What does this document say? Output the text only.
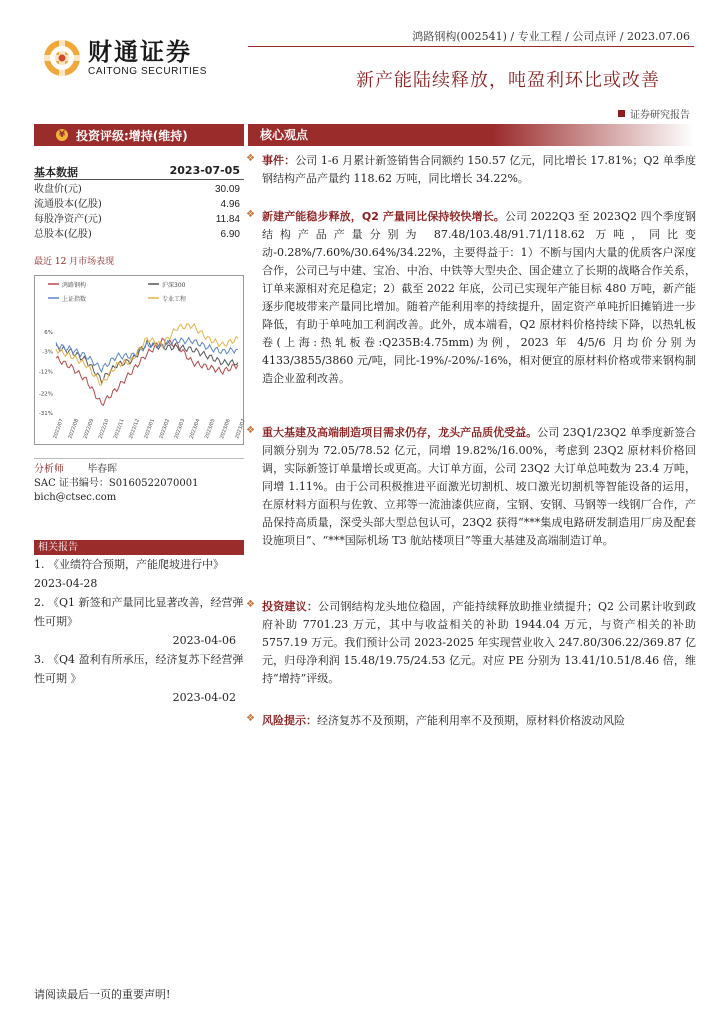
财通证券
CAITONG SECURITIES
鸿路钢构(002541) / 专业工程 / 公司点评 / 2023.07.06
新产能陆续释放，吨盈利环比或改善
证券研究报告
¥ 投资评级:增持(维持)
基本数据	2023-07-05
收盘价(元)	30.09
流通股本(亿股)	4.96
每股净资产(元)	11.84
总股本(亿股)	6.90
最近 12 月市场表现
鸿路钢构	沪深300
上证指数	专业工程
6%
-3%
-12%
-22%
-31%
2022/07 2022/08 2022/09 2022/10 2022/11 2022/12 2023/01 2023/02 2023/03 2023/04 2023/05 2023/06 2023/07
分析师 毕春晖
SAC 证书编号：S0160522070001
bich@ctsec.com
相关报告
1. 《业绩符合预期，产能爬坡进行中》
2023-04-28
2. 《Q1 新签和产量同比显著改善，经营弹性可期》
2023-04-06
3. 《Q4 盈利有所承压，经济复苏下经营弹性可期 》
2023-04-02
核心观点
❖ 事件：公司 1-6 月累计新签销售合同额约 150.57 亿元，同比增长 17.81%；Q2 单季度钢结构产品产量约 118.62 万吨，同比增长 34.22%。
❖ 新建产能稳步释放，Q2 产量同比保持较快增长。公司 2022Q3 至 2023Q2 四个季度钢结构产品产量分别为 87.48/103.48/91.71/118.62 万吨，同比变动-0.28%/7.60%/30.64%/34.22%，主要得益于：1）不断与国内大量的优质客户深度合作，公司已与中建、宝冶、中冶、中铁等大型央企、国企建立了长期的战略合作关系，订单来源相对充足稳定；2）截至 2022 年底，公司已实现年产能目标 480 万吨，新产能逐步爬坡带来产量同比增加。随着产能利用率的持续提升，固定资产单吨折旧摊销进一步降低，有助于单吨加工利润改善。此外，成本端看，Q2 原材料价格持续下降，以热轧板卷(上海:热轧板卷:Q235B:4.75mm)为例，2023 年 4/5/6 月均价分别为 4133/3855/3860 元/吨，同比-19%/-20%/-16%，相对便宜的原材料价格或带来钢构制造企业盈利改善。
❖ 重大基建及高端制造项目需求仍存，龙头产品质优受益。公司 23Q1/23Q2 单季度新签合同额分别为 72.05/78.52 亿元，同增 19.82%/16.00%，考虑到 23Q2 原材料价格回调，实际新签订单量增长或更高。大订单方面，公司 23Q2 大订单总吨数为 23.4 万吨，同增 1.11%。由于公司积极推进平面激光切割机、坡口激光切割机等智能设备的运用，在原材料方面积与佐敦、立邦等一流油漆供应商，宝钢、安钢、马钢等一线钢厂合作，产品保持高质量，深受头部大型总包认可，23Q2 获得“***集成电路研发制造用厂房及配套设施项目”、“***国际机场 T3 航站楼项目”等重大基建及高端制造订单。
❖ 投资建议：公司钢结构龙头地位稳固，产能持续释放助推业绩提升；Q2 公司累计收到政府补助 7701.23 万元，其中与收益相关的补助 1944.04 万元，与资产相关的补助 5757.19 万元。我们预计公司 2023-2025 年实现营业收入 247.80/306.22/369.87 亿元，归母净利润 15.48/19.75/24.53 亿元。对应 PE 分别为 13.41/10.51/8.46 倍，维持“增持”评级。
❖ 风险提示：经济复苏不及预期，产能利用率不及预期，原材料价格波动风险
请阅读最后一页的重要声明!
